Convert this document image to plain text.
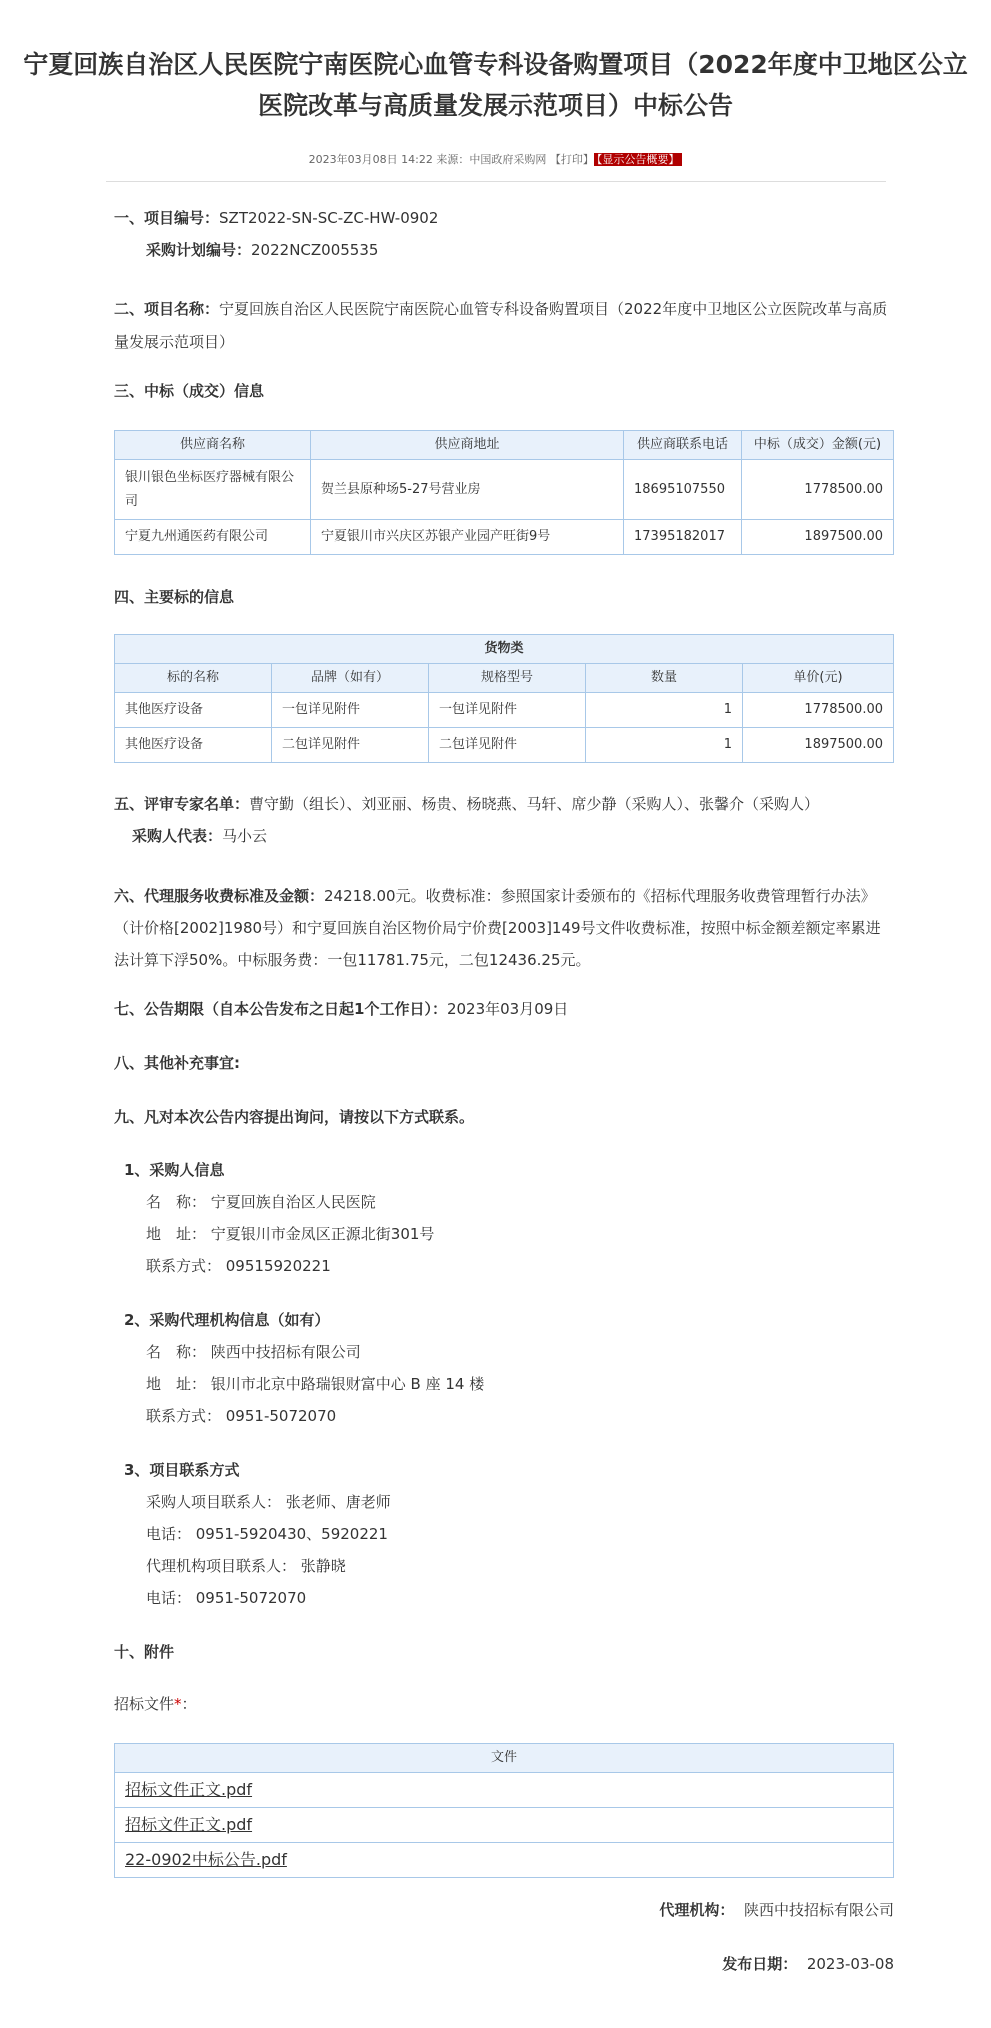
宁夏回族自治区人民医院宁南医院心血管专科设备购置项目（2022年度中卫地区公立医院改革与高质量发展示范项目）中标公告
2023年03月08日 14:22 来源：中国政府采购网 【打印】 【显示公告概要】
一、项目编号：SZT2022-SN-SC-ZC-HW-0902
采购计划编号：2022NCZ005535
二、项目名称：宁夏回族自治区人民医院宁南医院心血管专科设备购置项目（2022年度中卫地区公立医院改革与高质量发展示范项目）
三、中标（成交）信息
供应商名称	供应商地址	供应商联系电话	中标（成交）金额(元)
银川银色坐标医疗器械有限公司	贺兰县原种场5-27号营业房	18695107550	1778500.00
宁夏九州通医药有限公司	宁夏银川市兴庆区苏银产业园产旺街9号	17395182017	1897500.00
四、主要标的信息
货物类				
标的名称	品牌（如有）	规格型号	数量	单价(元)
其他医疗设备	一包详见附件	一包详见附件	1	1778500.00
其他医疗设备	二包详见附件	二包详见附件	1	1897500.00
五、评审专家名单：曹守勤（组长）、刘亚丽、杨贵、杨晓燕、马轩、席少静（采购人）、张馨介（采购人）
采购人代表：马小云
六、代理服务收费标准及金额：24218.00元。收费标准：参照国家计委颁布的《招标代理服务收费管理暂行办法》（计价格[2002]1980号）和宁夏回族自治区物价局宁价费[2003]149号文件收费标准，按照中标金额差额定率累进法计算下浮50%。中标服务费：一包11781.75元，二包12436.25元。
七、公告期限（自本公告发布之日起1个工作日）：2023年03月09日
八、其他补充事宜:
九、凡对本次公告内容提出询问，请按以下方式联系。
1、采购人信息
名　称： 宁夏回族自治区人民医院
地　址： 宁夏银川市金凤区正源北街301号
联系方式： 09515920221
2、采购代理机构信息（如有）
名　称： 陕西中技招标有限公司
地　址： 银川市北京中路瑞银财富中心 B 座 14 楼
联系方式： 0951-5072070
3、项目联系方式
采购人项目联系人： 张老师、唐老师
电话： 0951-5920430、5920221
代理机构项目联系人： 张静晓
电话： 0951-5072070
十、附件
招标文件*：
文件
招标文件正文.pdf
招标文件正文.pdf
22-0902中标公告.pdf
代理机构： 陕西中技招标有限公司
发布日期： 2023-03-08
